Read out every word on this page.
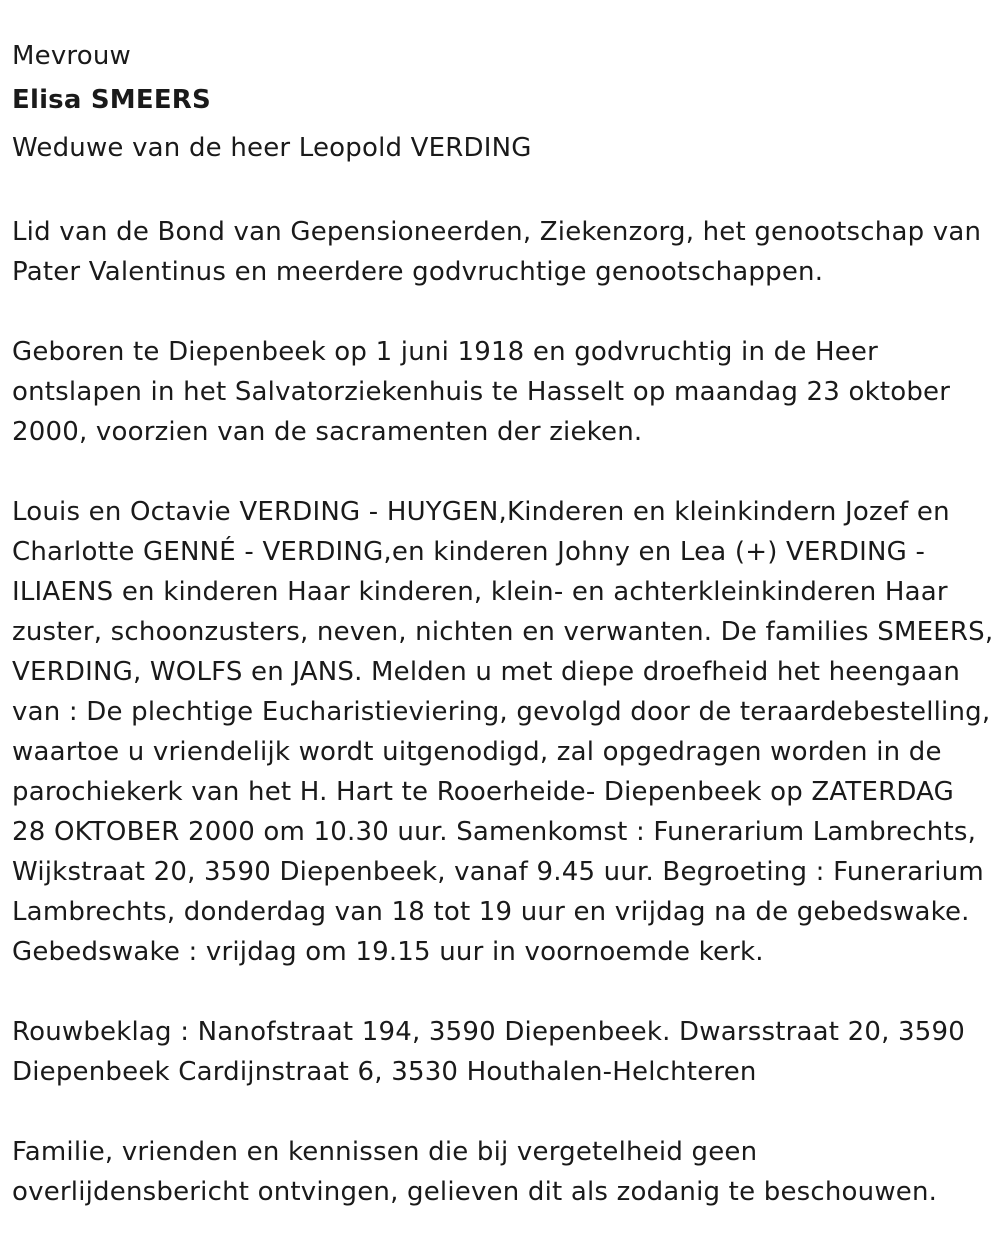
Mevrouw
Elisa SMEERS
Weduwe van de heer Leopold VERDING
Lid van de Bond van Gepensioneerden, Ziekenzorg, het genootschap van
Pater Valentinus en meerdere godvruchtige genootschappen.
Geboren te Diepenbeek op 1 juni 1918 en godvruchtig in de Heer
ontslapen in het Salvatorziekenhuis te Hasselt op maandag 23 oktober
2000, voorzien van de sacramenten der zieken.
Louis en Octavie VERDING - HUYGEN,Kinderen en kleinkindern Jozef en
Charlotte GENNÉ - VERDING,en kinderen Johny en Lea (+) VERDING -
ILIAENS en kinderen Haar kinderen, klein- en achterkleinkinderen Haar
zuster, schoonzusters, neven, nichten en verwanten. De families SMEERS,
VERDING, WOLFS en JANS. Melden u met diepe droefheid het heengaan
van : De plechtige Eucharistieviering, gevolgd door de teraardebestelling,
waartoe u vriendelijk wordt uitgenodigd, zal opgedragen worden in de
parochiekerk van het H. Hart te Rooerheide- Diepenbeek op ZATERDAG
28 OKTOBER 2000 om 10.30 uur. Samenkomst : Funerarium Lambrechts,
Wijkstraat 20, 3590 Diepenbeek, vanaf 9.45 uur. Begroeting : Funerarium
Lambrechts, donderdag van 18 tot 19 uur en vrijdag na de gebedswake.
Gebedswake : vrijdag om 19.15 uur in voornoemde kerk.
Rouwbeklag : Nanofstraat 194, 3590 Diepenbeek. Dwarsstraat 20, 3590
Diepenbeek Cardijnstraat 6, 3530 Houthalen-Helchteren
Familie, vrienden en kennissen die bij vergetelheid geen
overlijdensbericht ontvingen, gelieven dit als zodanig te beschouwen.
